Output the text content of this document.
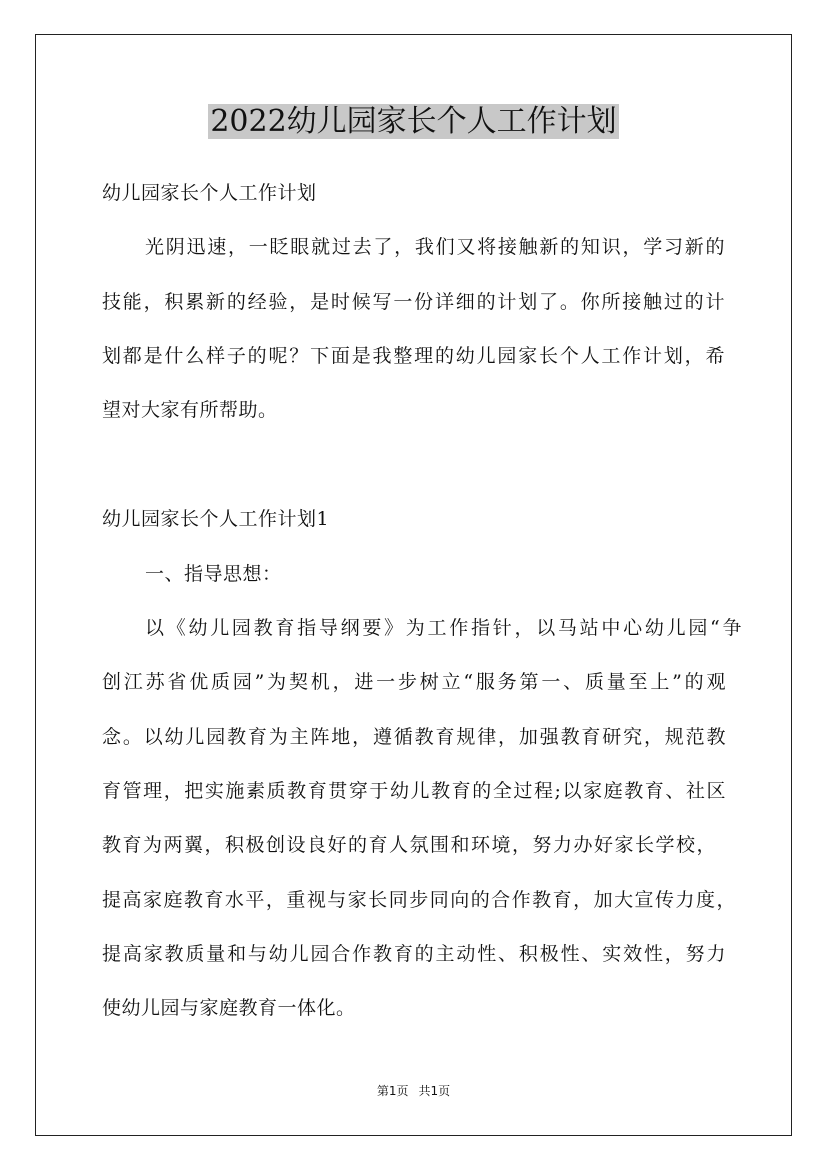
2022幼儿园家长个人工作计划
幼儿园家长个人工作计划
光阴迅速，一眨眼就过去了，我们又将接触新的知识，学习新的
技能，积累新的经验，是时候写一份详细的计划了。你所接触过的计
划都是什么样子的呢？下面是我整理的幼儿园家长个人工作计划，希
望对大家有所帮助。
幼儿园家长个人工作计划1
一、指导思想：
以《幼儿园教育指导纲要》为工作指针，以马站中心幼儿园“争
创江苏省优质园”为契机，进一步树立“服务第一、质量至上”的观
念。以幼儿园教育为主阵地，遵循教育规律，加强教育研究，规范教
育管理，把实施素质教育贯穿于幼儿教育的全过程;以家庭教育、社区
教育为两翼，积极创设良好的育人氛围和环境，努力办好家长学校，
提高家庭教育水平，重视与家长同步同向的合作教育，加大宣传力度，
提高家教质量和与幼儿园合作教育的主动性、积极性、实效性，努力
使幼儿园与家庭教育一体化。
第1页 共1页
